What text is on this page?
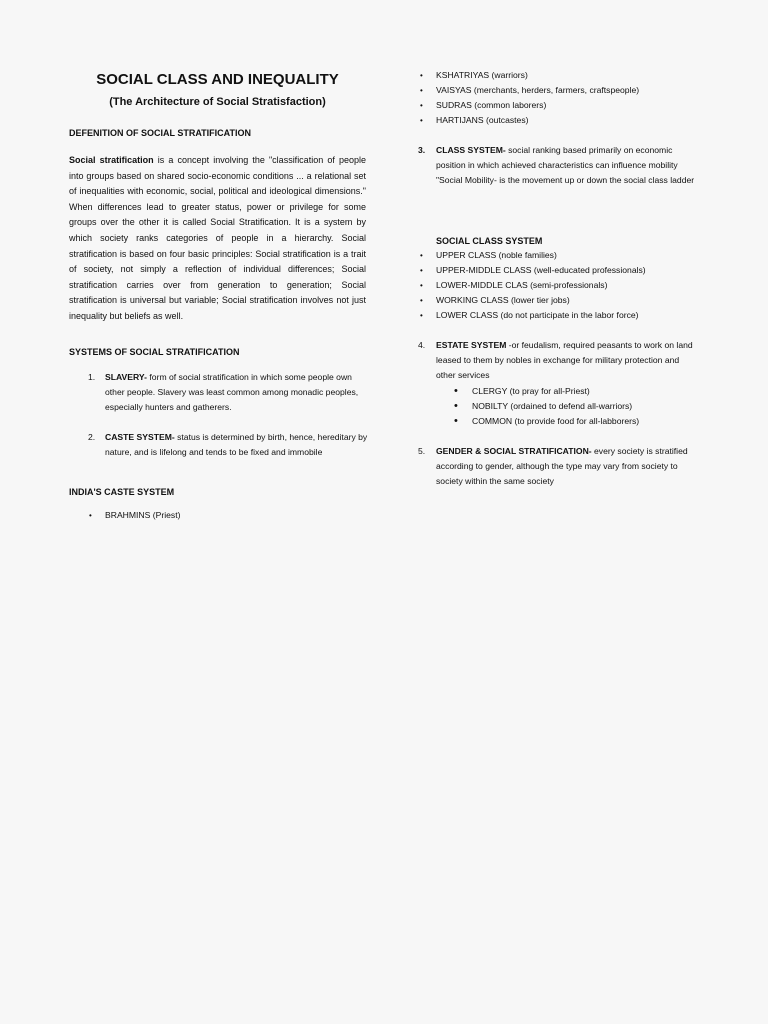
SOCIAL CLASS AND INEQUALITY
(The Architecture of Social Stratisfaction)

DEFENITION OF SOCIAL STRATIFICATION

Social stratification is a concept involving the "classification of people into groups based on shared socio-economic conditions ... a relational set of inequalities with economic, social, political and ideological dimensions." When differences lead to greater status, power or privilege for some groups over the other it is called Social Stratification. It is a system by which society ranks categories of people in a hierarchy. Social stratification is based on four basic principles: Social stratification is a trait of society, not simply a reflection of individual differences; Social stratification carries over from generation to generation; Social stratification is universal but variable; Social stratification involves not just inequality but beliefs as well.

SYSTEMS OF SOCIAL STRATIFICATION

1. SLAVERY- form of social stratification in which some people own other people. Slavery was least common among monadic peoples, especially hunters and gatherers.
2. CASTE SYSTEM- status is determined by birth, hence, hereditary by nature, and is lifelong and tends to be fixed and immobile

INDIA'S CASTE SYSTEM

• BRAHMINS (Priest)
• KSHATRIYAS (warriors)
• VAISYAS (merchants, herders, farmers, craftspeople)
• SUDRAS (common laborers)
• HARTIJANS (outcastes)
3. CLASS SYSTEM- social ranking based primarily on economic position in which achieved characteristics can influence mobility
"Social Mobility- is the movement up or down the social class ladder

SOCIAL CLASS SYSTEM

• UPPER CLASS (noble families)
• UPPER-MIDDLE CLASS (well-educated professionals)
• LOWER-MIDDLE CLAS (semi-professionals)
• WORKING CLASS (lower tier jobs)
• LOWER CLASS (do not participate in the labor force)
4. ESTATE SYSTEM -or feudalism, required peasants to work on land leased to them by nobles in exchange for military protection and other services
• CLERGY (to pray for all-Priest)
• NOBILTY (ordained to defend all-warriors)
• COMMON (to provide food for all-labborers)
5. GENDER & SOCIAL STRATIFICATION- every society is stratified according to gender, although the type may vary from society to society within the same society
